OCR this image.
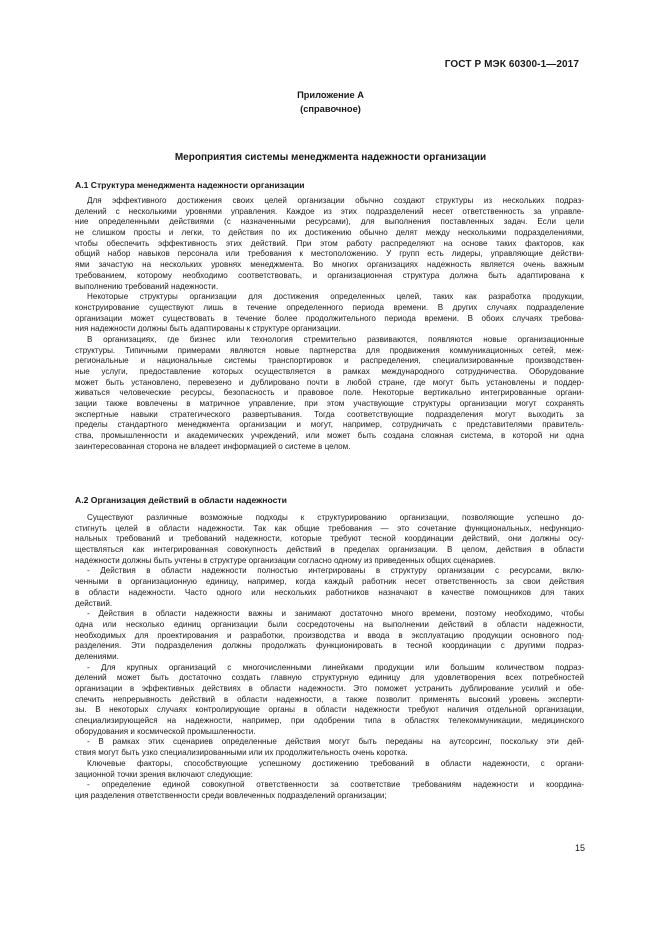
ГОСТ Р МЭК 60300-1—2017
Приложение А
(справочное)
Мероприятия системы менеджмента надежности организации
А.1 Структура менеджмента надежности организации
Для эффективного достижения своих целей организации обычно создают структуры из нескольких подраз-
делений с несколькими уровнями управления. Каждое из этих подразделений несет ответственность за управле-
ние определенными действиями (с назначенными ресурсами), для выполнения поставленных задач. Если цели
не слишком просты и легки, то действия по их достижению обычно делят между несколькими подразделениями,
чтобы обеспечить эффективность этих действий. При этом работу распределяют на основе таких факторов, как
общий набор навыков персонала или требования к местоположению. У групп есть лидеры, управляющие действи-
ями зачастую на нескольких уровнях менеджмента. Во многих организациях надежность является очень важным
требованием, которому необходимо соответствовать, и организационная структура должна быть адаптирована к
выполнению требований надежности.
Некоторые структуры организации для достижения определенных целей, таких как разработка продукции,
конструирование существуют лишь в течение определенного периода времени. В других случаях подразделение
организации может существовать в течение более продолжительного периода времени. В обоих случаях требова-
ния надежности должны быть адаптированы к структуре организации.
В организациях, где бизнес или технология стремительно развиваются, появляются новые организационные
структуры. Типичными примерами являются новые партнерства для продвижения коммуникационных сетей, меж-
региональные и национальные системы транспортировок и распределения, специализированные производствен-
ные услуги, предоставление которых осуществляется в рамках международного сотрудничества. Оборудование
может быть установлено, перевезено и дублировано почти в любой стране, где могут быть установлены и поддер-
живаться человеческие ресурсы, безопасность и правовое поле. Некоторые вертикально интегрированные органи-
зации также вовлечены в матричное управление, при этом участвующие структуры организации могут сохранять
экспертные навыки стратегического развертывания. Тогда соответствующие подразделения могут выходить за
пределы стандартного менеджмента организации и могут, например, сотрудничать с представителями правитель-
ства, промышленности и академических учреждений, или может быть создана сложная система, в которой ни одна
заинтересованная сторона не владеет информацией о системе в целом.
А.2 Организация действий в области надежности
Существуют различные возможные подходы к структурированию организации, позволяющие успешно до-
стигнуть целей в области надежности. Так как общие требования — это сочетание функциональных, нефункцио-
нальных требований и требований надежности, которые требуют тесной координации действий, они должны осу-
ществляться как интегрированная совокупность действий в пределах организации. В целом, действия в области
надежности должны быть учтены в структуре организации согласно одному из приведенных общих сценариев.
- Действия в области надежности полностью интегрированы в структуру организации с ресурсами, вклю-
ченными в организационную единицу, например, когда каждый работник несет ответственность за свои действия
в области надежности. Часто одного или нескольких работников назначают в качестве помощников для таких
действий.
- Действия в области надежности важны и занимают достаточно много времени, поэтому необходимо, чтобы
одна или несколько единиц организации были сосредоточены на выполнении действий в области надежности,
необходимых для проектирования и разработки, производства и ввода в эксплуатацию продукции основного под-
разделения. Эти подразделения должны продолжать функционировать в тесной координации с другими подраз-
делениями.
- Для крупных организаций с многочисленными линейками продукции или большим количеством подраз-
делений может быть достаточно создать главную структурную единицу для удовлетворения всех потребностей
организации в эффективных действиях в области надежности. Это поможет устранить дублирование усилий и обе-
спечить непрерывность действий в области надежности, а также позволит применять высокий уровень эксперти-
зы. В некоторых случаях контролирующие органы в области надежности требуют наличия отдельной организации,
специализирующейся на надежности, например, при одобрении типа в областях телекоммуникации, медицинского
оборудования и космической промышленности.
- В рамках этих сценариев определенные действия могут быть переданы на аутсорсинг, поскольку эти дей-
ствия могут быть узко специализированными или их продолжительность очень коротка.
Ключевые факторы, способствующие успешному достижению требований в области надежности, с органи-
зационной точки зрения включают следующие:
- определение единой совокупной ответственности за соответствие требованиям надежности и координа-
ция разделения ответственности среди вовлеченных подразделений организации;
15
